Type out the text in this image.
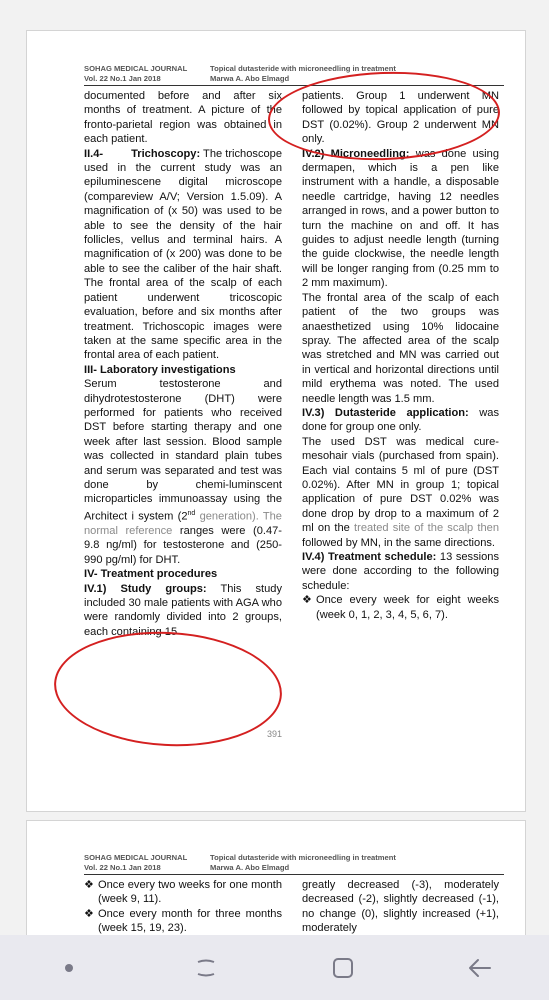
SOHAG MEDICAL JOURNAL	Topical dutasteride with microneedling in treatment
Vol. 22 No.1 Jan 2018	Marwa A. Abo Elmagd

documented before and after six months of treatment. A picture of the fronto-parietal region was obtained in each patient.

II.4-	Trichoscopy: The trichoscope used in the current study was an epiluminescene digital microscope (compareview A/V; Version 1.5.09). A magnification of (x 50) was used to be able to see the density of the hair follicles, vellus and terminal hairs. A magnification of (x 200) was done to be able to see the caliber of the hair shaft. The frontal area of the scalp of each patient underwent tricoscopic evaluation, before and six months after treatment. Trichoscopic images were taken at the same specific area in the frontal area of each patient.

III- Laboratory investigations

Serum testosterone and dihydrotestosterone (DHT) were performed for patients who received DST before starting therapy and one week after last session. Blood sample was collected in standard plain tubes and serum was separated and test was done by chemi-luminscent microparticles immunoassay using the Architect i system (2nd generation). The normal reference ranges were (0.47- 9.8 ng/ml) for testosterone and (250- 990 pg/ml) for DHT.

IV- Treatment procedures

IV.1) Study groups: This study included 30 male patients with AGA who were randomly divided into 2 groups, each containing 15

patients. Group 1 underwent MN followed by topical application of pure DST (0.02%). Group 2 underwent MN only.

IV.2) Microneedling: was done using dermapen, which is a pen like instrument with a handle, a disposable needle cartridge, having 12 needles arranged in rows, and a power button to turn the machine on and off. It has guides to adjust needle length (turning the guide clockwise, the needle length will be longer ranging from (0.25 mm to 2 mm maximum).

The frontal area of the scalp of each patient of the two groups was anaesthetized using 10% lidocaine spray. The affected area of the scalp was stretched and MN was carried out in vertical and horizontal directions until mild erythema was noted. The used needle length was 1.5 mm.

IV.3) Dutasteride application: was done for group one only.

The used DST was medical cure-mesohair vials (purchased from spain). Each vial contains 5 ml of pure (DST 0.02%). After MN in group 1; topical application of pure DST 0.02% was done drop by drop to a maximum of 2 ml on the treated site of the scalp then followed by MN, in the same directions.

IV.4) Treatment schedule: 13 sessions were done according to the following schedule:

❖ Once every week for eight weeks (week 0, 1, 2, 3, 4, 5, 6, 7).
391
SOHAG MEDICAL JOURNAL	Topical dutasteride with microneedling in treatment
Vol. 22 No.1 Jan 2018	Marwa A. Abo Elmagd
❖ Once every two weeks for one month (week 9, 11).
❖ Once every month for three months (week 15, 19, 23).

greatly decreased (-3), moderately decreased (-2), slightly decreased (-1), no change (0), slightly increased (+1), moderately
